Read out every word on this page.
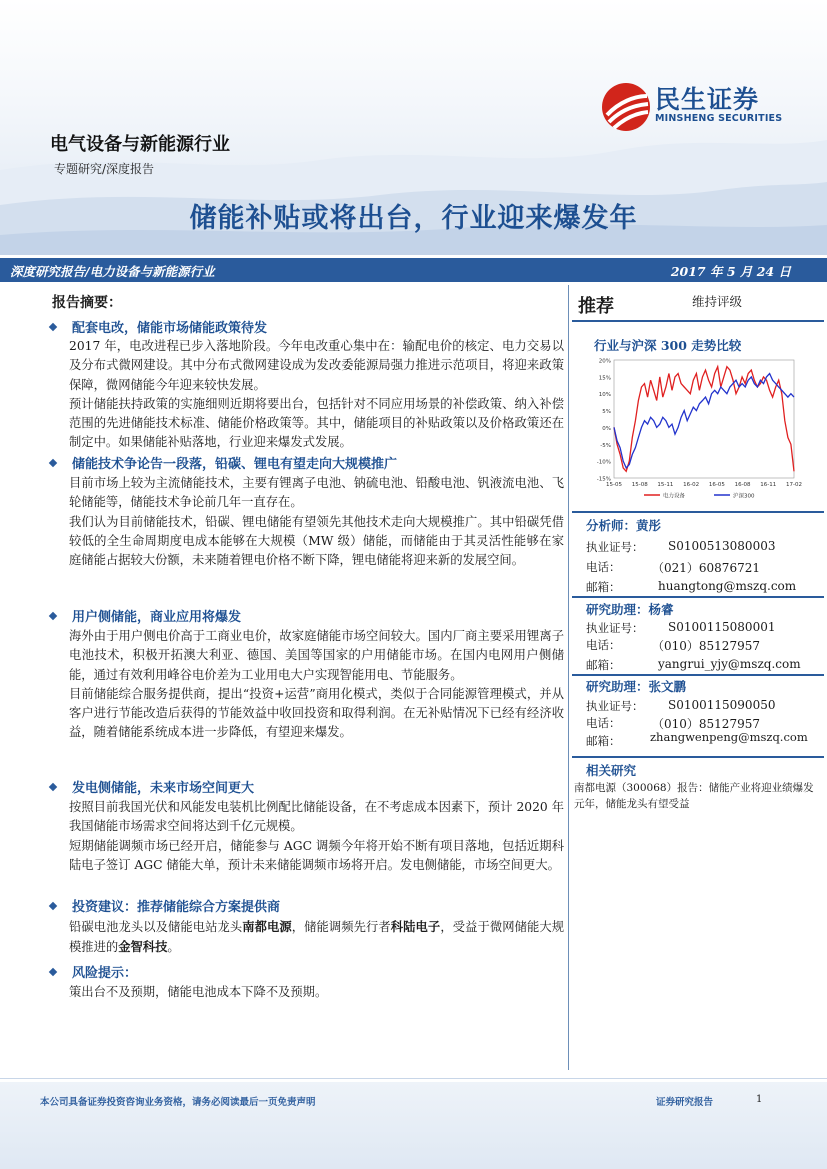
电气设备与新能源行业
专题研究/深度报告
储能补贴或将出台，行业迎来爆发年
民生证券
MINSHENG SECURITIES
深度研究报告/电力设备与新能源行业	2017 年 5 月 24 日
报告摘要：
配套电改，储能市场储能政策待发

2017 年，电改进程已步入落地阶段。今年电改重心集中在：输配电价的核定、电力交易以及分布式微网建设。其中分布式微网建设成为发改委能源局强力推进示范项目，将迎来政策保障，微网储能今年迎来较快发展。

预计储能扶持政策的实施细则近期将要出台，包括针对不同应用场景的补偿政策、纳入补偿范围的先进储能技术标准、储能价格政策等。其中，储能项目的补贴政策以及价格政策还在制定中。如果储能补贴落地，行业迎来爆发式发展。

储能技术争论告一段落，铅碳、锂电有望走向大规模推广

目前市场上较为主流储能技术，主要有锂离子电池、钠硫电池、铅酸电池、钒液流电池、飞轮储能等，储能技术争论前几年一直存在。

我们认为目前储能技术，铅碳、锂电储能有望领先其他技术走向大规模推广。其中铅碳凭借较低的全生命周期度电成本能够在大规模（MW 级）储能，而储能由于其灵活性能够在家庭储能占据较大份额，未来随着锂电价格不断下降，锂电储能将迎来新的发展空间。

用户侧储能，商业应用将爆发

海外由于用户侧电价高于工商业电价，故家庭储能市场空间较大。国内厂商主要采用锂离子电池技术，积极开拓澳大利亚、德国、美国等国家的户用储能市场。在国内电网用户侧储能，通过有效利用峰谷电价差为工业用电大户实现智能用电、节能服务。

目前储能综合服务提供商，提出“投资+运营”商用化模式，类似于合同能源管理模式，并从客户进行节能改造后获得的节能效益中收回投资和取得利润。在无补贴情况下已经有经济收益，随着储能系统成本进一步降低，有望迎来爆发。

发电侧储能，未来市场空间更大

按照目前我国光伏和风能发电装机比例配比储能设备，在不考虑成本因素下，预计 2020 年我国储能市场需求空间将达到千亿元规模。

短期储能调频市场已经开启，储能参与 AGC 调频今年将开始不断有项目落地，包括近期科陆电子签订 AGC 储能大单，预计未来储能调频市场将开启。发电侧储能，市场空间更大。

投资建议：推荐储能综合方案提供商

铅碳电池龙头以及储能电站龙头南都电源，储能调频先行者科陆电子，受益于微网储能大规模推进的金智科技。

风险提示：

策出台不及预期，储能电池成本下降不及预期。

推荐	维持评级
行业与沪深 300 走势比较
20%
15%
10%
5%
0%
-5%
-10%
-15%
15-05 15-08 15-11 16-02 16-05 16-08 16-11 17-02
电力设备	沪深300
分析师：黄彤
执业证号： S0100513080003
电话：	（021）60876721
邮箱：	huangtong@mszq.com
研究助理：杨睿
执业证号： S0100115080001
电话：	（010）85127957
邮箱：	yangrui_yjy@mszq.com
研究助理：张文鹏
执业证号： S0100115090050
电话：	（010）85127957
邮箱：	zhangwenpeng@mszq.com
相关研究
南都电源（300068）报告：储能产业将迎业绩爆发元年，储能龙头有望受益
本公司具备证券投资咨询业务资格，请务必阅读最后一页免责声明	证券研究报告	1
